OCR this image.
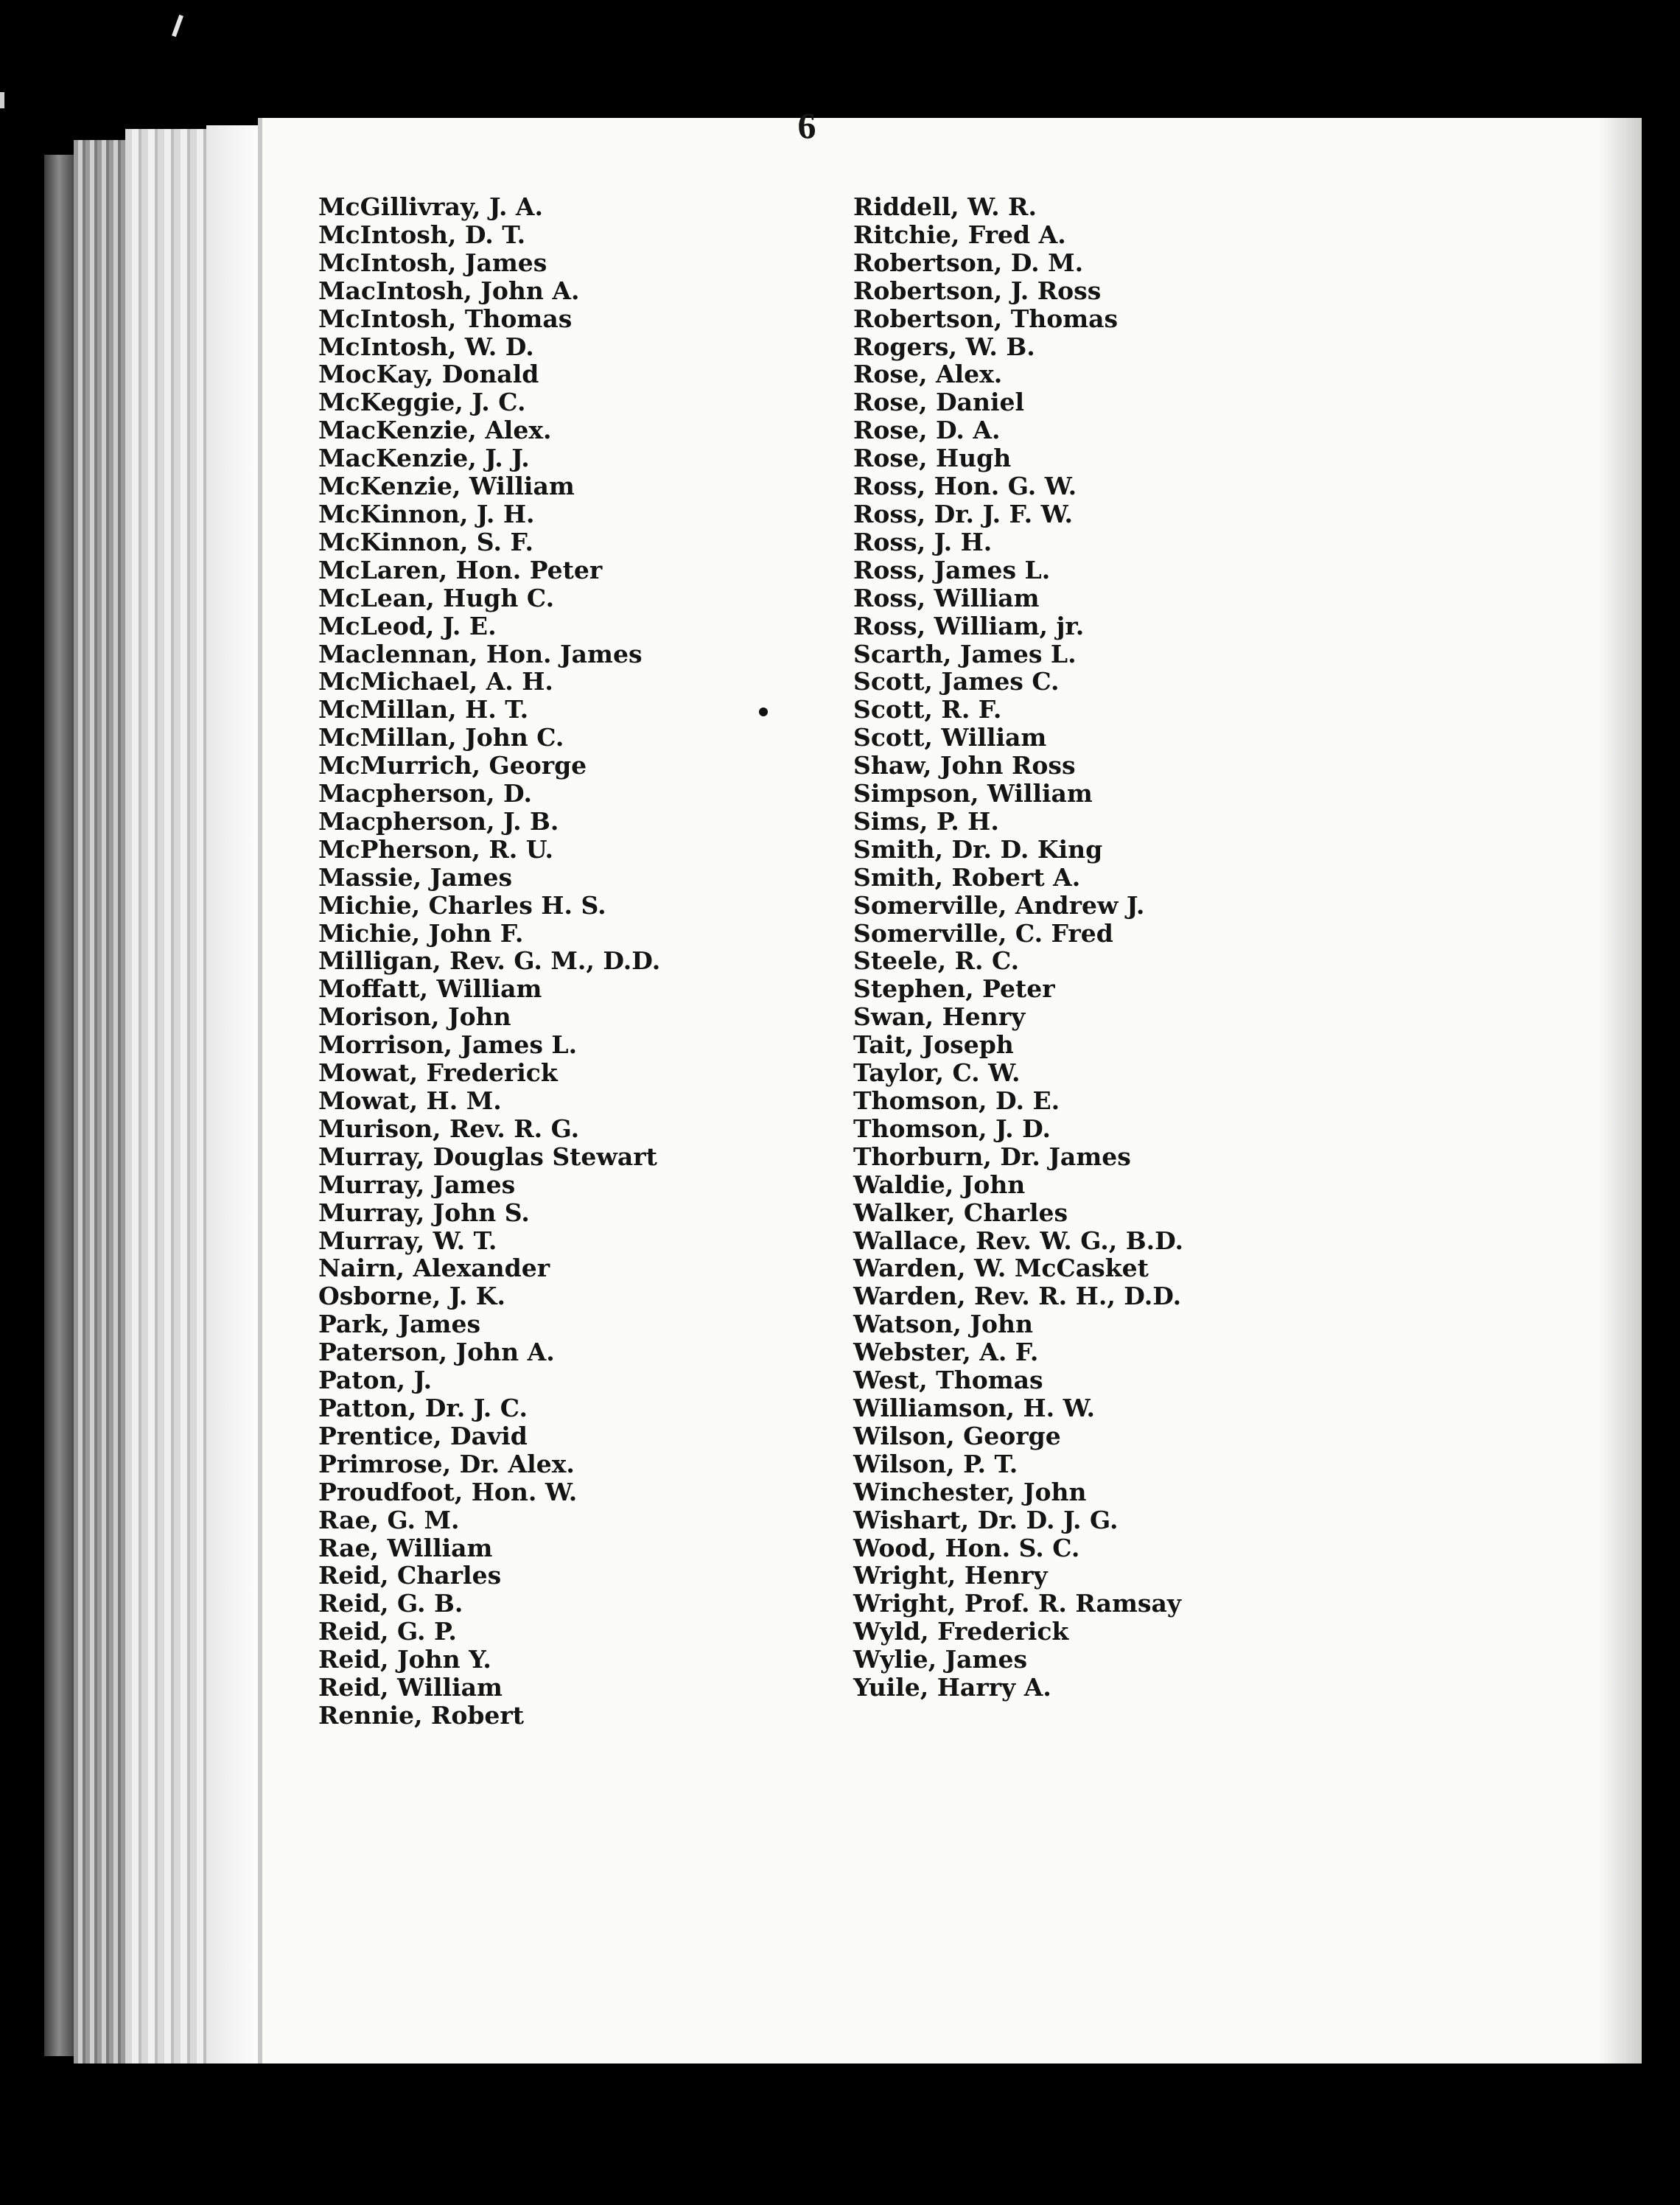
6
McGillivray, J. A.
McIntosh, D. T.
McIntosh, James
MacIntosh, John A.
McIntosh, Thomas
McIntosh, W. D.
MocKay, Donald
McKeggie, J. C.
MacKenzie, Alex.
MacKenzie, J. J.
McKenzie, William
McKinnon, J. H.
McKinnon, S. F.
McLaren, Hon. Peter
McLean, Hugh C.
McLeod, J. E.
Maclennan, Hon. James
McMichael, A. H.
McMillan, H. T.
McMillan, John C.
McMurrich, George
Macpherson, D.
Macpherson, J. B.
McPherson, R. U.
Massie, James
Michie, Charles H. S.
Michie, John F.
Milligan, Rev. G. M., D.D.
Moffatt, William
Morison, John
Morrison, James L.
Mowat, Frederick
Mowat, H. M.
Murison, Rev. R. G.
Murray, Douglas Stewart
Murray, James
Murray, John S.
Murray, W. T.
Nairn, Alexander
Osborne, J. K.
Park, James
Paterson, John A.
Paton, J.
Patton, Dr. J. C.
Prentice, David
Primrose, Dr. Alex.
Proudfoot, Hon. W.
Rae, G. M.
Rae, William
Reid, Charles
Reid, G. B.
Reid, G. P.
Reid, John Y.
Reid, William
Rennie, Robert
Riddell, W. R.
Ritchie, Fred A.
Robertson, D. M.
Robertson, J. Ross
Robertson, Thomas
Rogers, W. B.
Rose, Alex.
Rose, Daniel
Rose, D. A.
Rose, Hugh
Ross, Hon. G. W.
Ross, Dr. J. F. W.
Ross, J. H.
Ross, James L.
Ross, William
Ross, William, jr.
Scarth, James L.
Scott, James C.
Scott, R. F.
Scott, William
Shaw, John Ross
Simpson, William
Sims, P. H.
Smith, Dr. D. King
Smith, Robert A.
Somerville, Andrew J.
Somerville, C. Fred
Steele, R. C.
Stephen, Peter
Swan, Henry
Tait, Joseph
Taylor, C. W.
Thomson, D. E.
Thomson, J. D.
Thorburn, Dr. James
Waldie, John
Walker, Charles
Wallace, Rev. W. G., B.D.
Warden, W. McCasket
Warden, Rev. R. H., D.D.
Watson, John
Webster, A. F.
West, Thomas
Williamson, H. W.
Wilson, George
Wilson, P. T.
Winchester, John
Wishart, Dr. D. J. G.
Wood, Hon. S. C.
Wright, Henry
Wright, Prof. R. Ramsay
Wyld, Frederick
Wylie, James
Yuile, Harry A.
